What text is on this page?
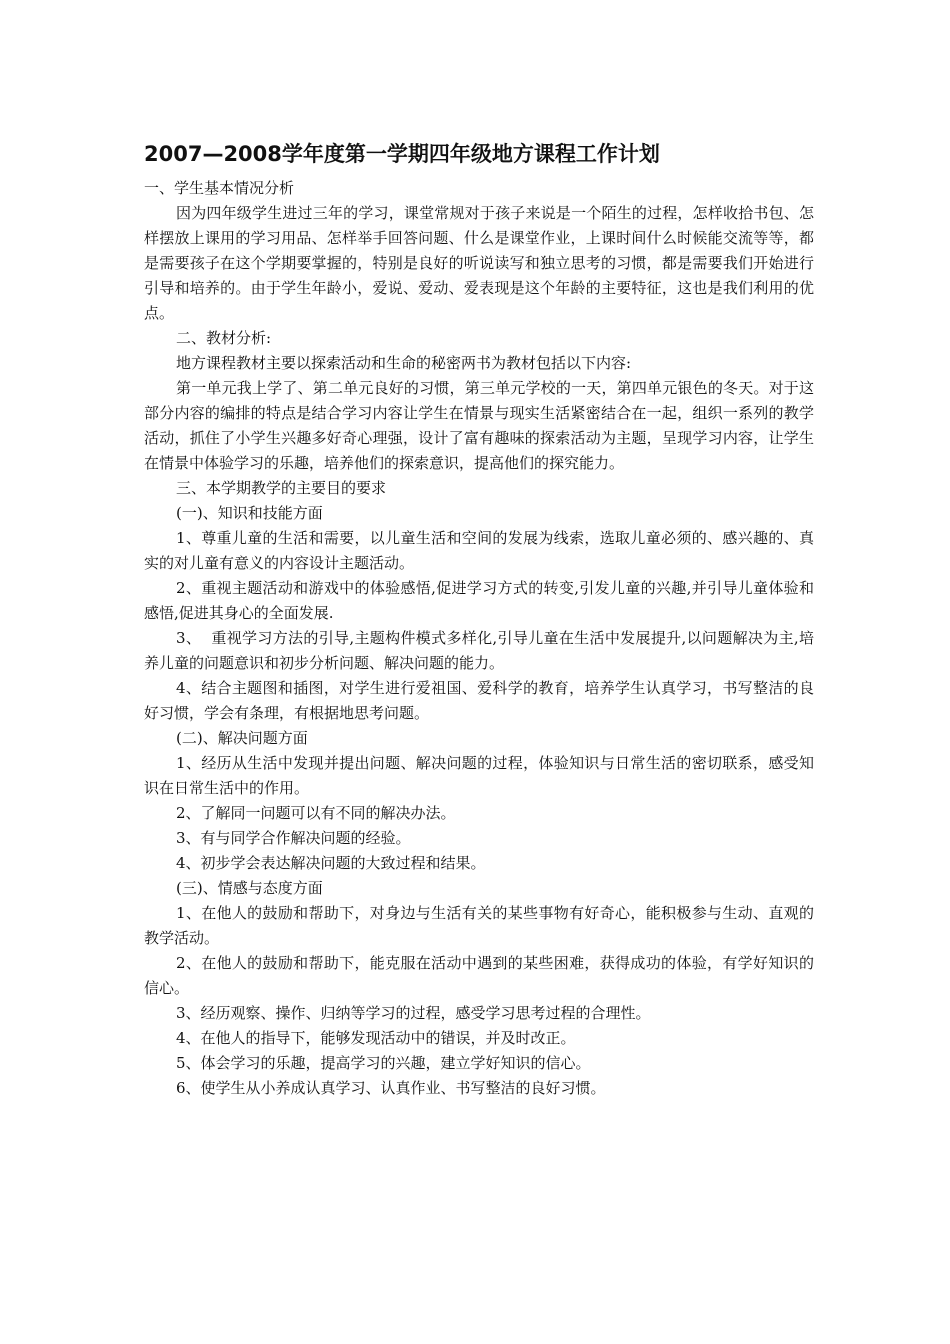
2007—2008学年度第一学期四年级地方课程工作计划

一、学生基本情况分析

因为四年级学生进过三年的学习，课堂常规对于孩子来说是一个陌生的过程，怎样收拾书包、怎样摆放上课用的学习用品、怎样举手回答问题、什么是课堂作业，上课时间什么时候能交流等等，都是需要孩子在这个学期要掌握的，特别是良好的听说读写和独立思考的习惯，都是需要我们开始进行引导和培养的。由于学生年龄小，爱说、爱动、爱表现是这个年龄的主要特征，这也是我们利用的优点。

二、教材分析:

地方课程教材主要以探索活动和生命的秘密两书为教材包括以下内容:

第一单元我上学了、第二单元良好的习惯，第三单元学校的一天，第四单元银色的冬天。对于这部分内容的编排的特点是结合学习内容让学生在情景与现实生活紧密结合在一起，组织一系列的教学活动，抓住了小学生兴趣多好奇心理强，设计了富有趣味的探索活动为主题，呈现学习内容，让学生在情景中体验学习的乐趣，培养他们的探索意识，提高他们的探究能力。

三、本学期教学的主要目的要求

(一)、知识和技能方面

1、尊重儿童的生活和需要，以儿童生活和空间的发展为线索，选取儿童必须的、感兴趣的、真实的对儿童有意义的内容设计主题活动。

2、重视主题活动和游戏中的体验感悟,促进学习方式的转变,引发儿童的兴趣,并引导儿童体验和感悟,促进其身心的全面发展.

3、  重视学习方法的引导,主题构件模式多样化,引导儿童在生活中发展提升,以问题解决为主,培养儿童的问题意识和初步分析问题、解决问题的能力。

4、结合主题图和插图，对学生进行爱祖国、爱科学的教育，培养学生认真学习，书写整洁的良好习惯，学会有条理，有根据地思考问题。

(二)、解决问题方面

1、经历从生活中发现并提出问题、解决问题的过程，体验知识与日常生活的密切联系，感受知识在日常生活中的作用。

2、了解同一问题可以有不同的解决办法。

3、有与同学合作解决问题的经验。

4、初步学会表达解决问题的大致过程和结果。

(三)、情感与态度方面

1、在他人的鼓励和帮助下，对身边与生活有关的某些事物有好奇心，能积极参与生动、直观的教学活动。

2、在他人的鼓励和帮助下，能克服在活动中遇到的某些困难，获得成功的体验，有学好知识的信心。

3、经历观察、操作、归纳等学习的过程，感受学习思考过程的合理性。

4、在他人的指导下，能够发现活动中的错误，并及时改正。

5、体会学习的乐趣，提高学习的兴趣，建立学好知识的信心。

6、使学生从小养成认真学习、认真作业、书写整洁的良好习惯。
